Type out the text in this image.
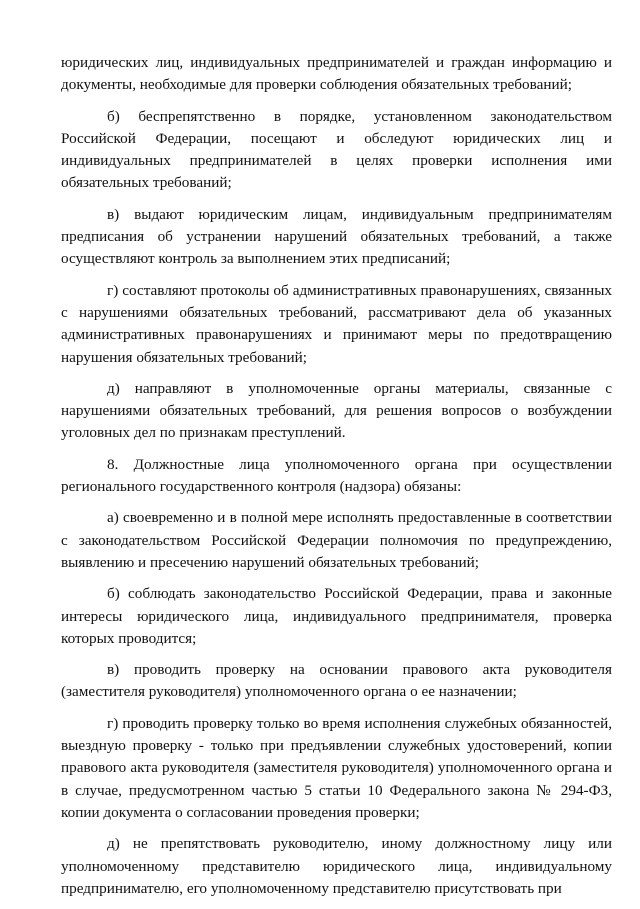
юридических лиц, индивидуальных предпринимателей и граждан информацию и документы, необходимые для проверки соблюдения обязательных требований;

б) беспрепятственно в порядке, установленном законодательством Российской Федерации, посещают и обследуют юридических лиц и индивидуальных предпринимателей в целях проверки исполнения ими обязательных требований;

в) выдают юридическим лицам, индивидуальным предпринимателям предписания об устранении нарушений обязательных требований, а также осуществляют контроль за выполнением этих предписаний;

г) составляют протоколы об административных правонарушениях, связанных с нарушениями обязательных требований, рассматривают дела об указанных административных правонарушениях и принимают меры по предотвращению нарушения обязательных требований;

д) направляют в уполномоченные органы материалы, связанные с нарушениями обязательных требований, для решения вопросов о возбуждении уголовных дел по признакам преступлений.

8. Должностные лица уполномоченного органа при осуществлении регионального государственного контроля (надзора) обязаны:

а) своевременно и в полной мере исполнять предоставленные в соответствии с законодательством Российской Федерации полномочия по предупреждению, выявлению и пресечению нарушений обязательных требований;

б) соблюдать законодательство Российской Федерации, права и законные интересы юридического лица, индивидуального предпринимателя, проверка которых проводится;

в) проводить проверку на основании правового акта руководителя (заместителя руководителя) уполномоченного органа о ее назначении;

г) проводить проверку только во время исполнения служебных обязанностей, выездную проверку - только при предъявлении служебных удостоверений, копии правового акта руководителя (заместителя руководителя) уполномоченного органа и в случае, предусмотренном частью 5 статьи 10 Федерального закона № 294-ФЗ, копии документа о согласовании проведения проверки;

д) не препятствовать руководителю, иному должностному лицу или уполномоченному представителю юридического лица, индивидуальному предпринимателю, его уполномоченному представителю присутствовать при
